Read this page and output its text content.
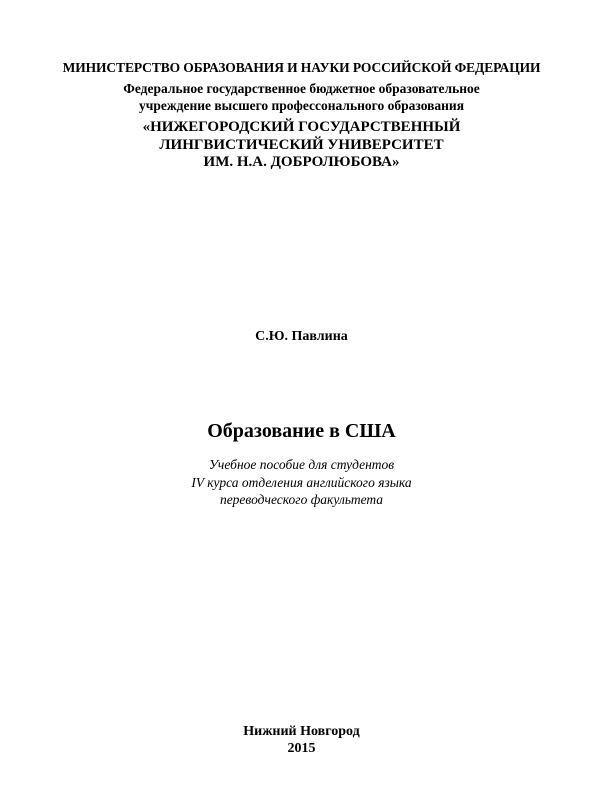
МИНИСТЕРСТВО ОБРАЗОВАНИЯ И НАУКИ РОССИЙСКОЙ ФЕДЕРАЦИИ
Федеральное государственное бюджетное образовательное
учреждение высшего профессонального образования
«НИЖЕГОРОДСКИЙ ГОСУДАРСТВЕННЫЙ
ЛИНГВИСТИЧЕСКИЙ УНИВЕРСИТЕТ
ИМ. Н.А. ДОБРОЛЮБОВА»
С.Ю. Павлина
Образование в США
Учебное пособие для студентов
IV курса отделения английского языка
переводческого факультета
Нижний Новгород
2015
